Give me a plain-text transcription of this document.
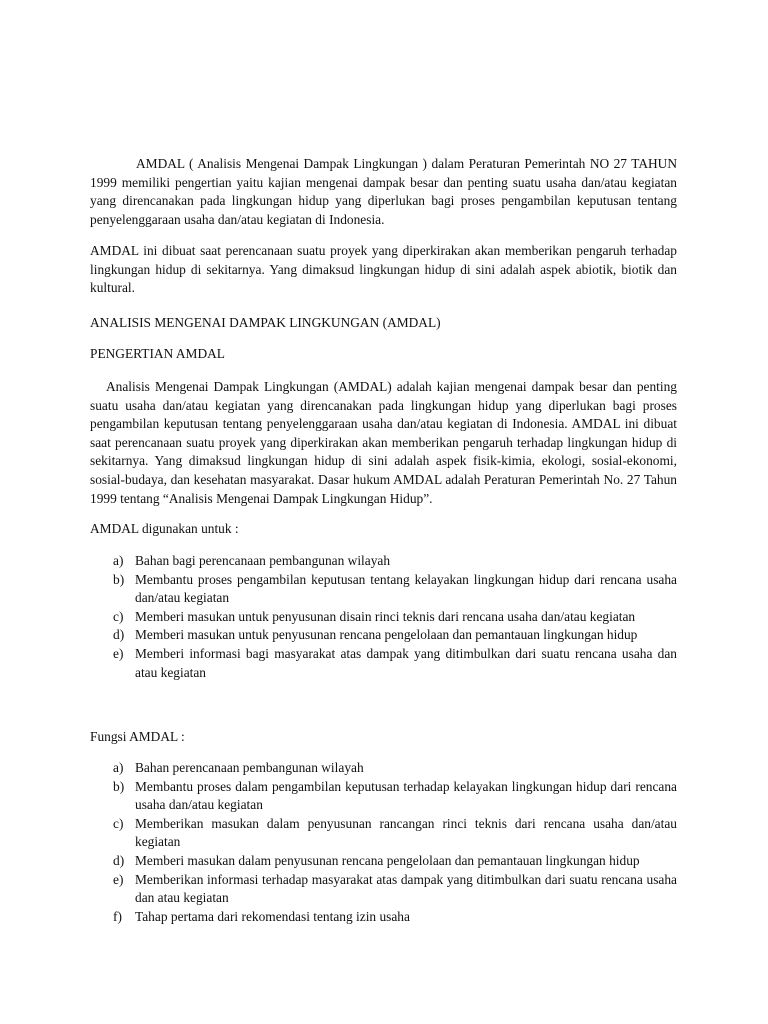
AMDAL ( Analisis Mengenai Dampak Lingkungan ) dalam Peraturan Pemerintah NO 27 TAHUN 1999 memiliki pengertian yaitu kajian mengenai dampak besar dan penting suatu usaha dan/atau kegiatan yang direncanakan pada lingkungan hidup yang diperlukan bagi proses pengambilan keputusan tentang penyelenggaraan usaha dan/atau kegiatan di Indonesia.

AMDAL ini dibuat saat perencanaan suatu proyek yang diperkirakan akan memberikan pengaruh terhadap lingkungan hidup di sekitarnya. Yang dimaksud lingkungan hidup di sini adalah aspek abiotik, biotik dan kultural.

ANALISIS MENGENAI DAMPAK LINGKUNGAN (AMDAL)

PENGERTIAN AMDAL

Analisis Mengenai Dampak Lingkungan (AMDAL) adalah kajian mengenai dampak besar dan penting suatu usaha dan/atau kegiatan yang direncanakan pada lingkungan hidup yang diperlukan bagi proses pengambilan keputusan tentang penyelenggaraan usaha dan/atau kegiatan di Indonesia. AMDAL ini dibuat saat perencanaan suatu proyek yang diperkirakan akan memberikan pengaruh terhadap lingkungan hidup di sekitarnya. Yang dimaksud lingkungan hidup di sini adalah aspek fisik-kimia, ekologi, sosial-ekonomi, sosial-budaya, dan kesehatan masyarakat. Dasar hukum AMDAL adalah Peraturan Pemerintah No. 27 Tahun 1999 tentang “Analisis Mengenai Dampak Lingkungan Hidup”.

AMDAL digunakan untuk :

a) Bahan bagi perencanaan pembangunan wilayah
b) Membantu proses pengambilan keputusan tentang kelayakan lingkungan hidup dari rencana usaha dan/atau kegiatan
c) Memberi masukan untuk penyusunan disain rinci teknis dari rencana usaha dan/atau kegiatan
d) Memberi masukan untuk penyusunan rencana pengelolaan dan pemantauan lingkungan hidup
e) Memberi informasi bagi masyarakat atas dampak yang ditimbulkan dari suatu rencana usaha dan atau kegiatan

Fungsi AMDAL :

a) Bahan perencanaan pembangunan wilayah
b) Membantu proses dalam pengambilan keputusan terhadap kelayakan lingkungan hidup dari rencana usaha dan/atau kegiatan
c) Memberikan masukan dalam penyusunan rancangan rinci teknis dari rencana usaha dan/atau kegiatan
d) Memberi masukan dalam penyusunan rencana pengelolaan dan pemantauan lingkungan hidup
e) Memberikan informasi terhadap masyarakat atas dampak yang ditimbulkan dari suatu rencana usaha dan atau kegiatan
f) Tahap pertama dari rekomendasi tentang izin usaha
